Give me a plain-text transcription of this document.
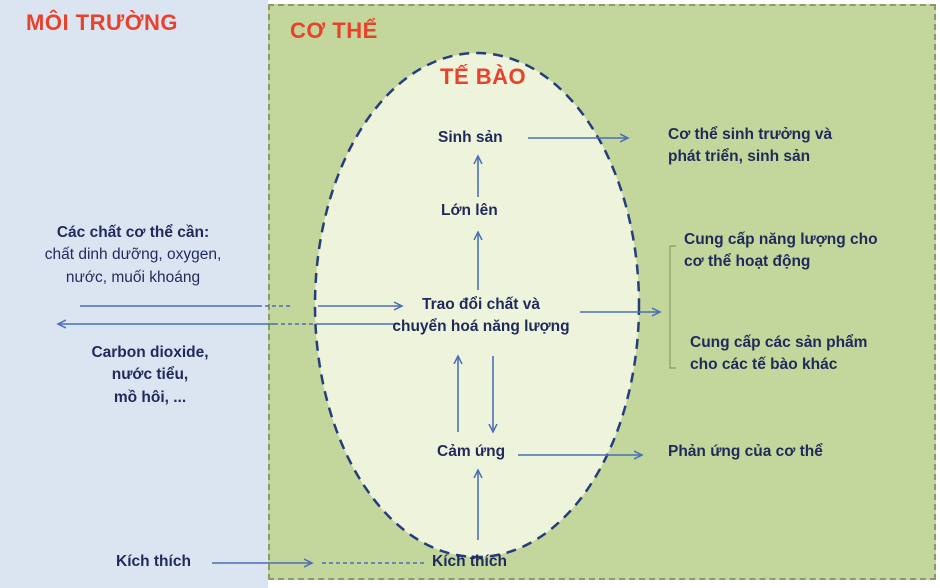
MÔI TRƯỜNG	CƠ THỂ
TẾ BÀO
Sinh sản
Lớn lên
Trao đổi chất và
chuyển hoá năng lượng
Cảm ứng
Kích thích
Các chất cơ thể cần:
chất dinh dưỡng, oxygen,
nước, muối khoáng
Carbon dioxide,
nước tiểu,
mồ hôi, ...
Kích thích
Cơ thể sinh trưởng và
phát triển, sinh sản
Cung cấp năng lượng cho
cơ thể hoạt động
Cung cấp các sản phẩm
cho các tế bào khác
Phản ứng của cơ thể
